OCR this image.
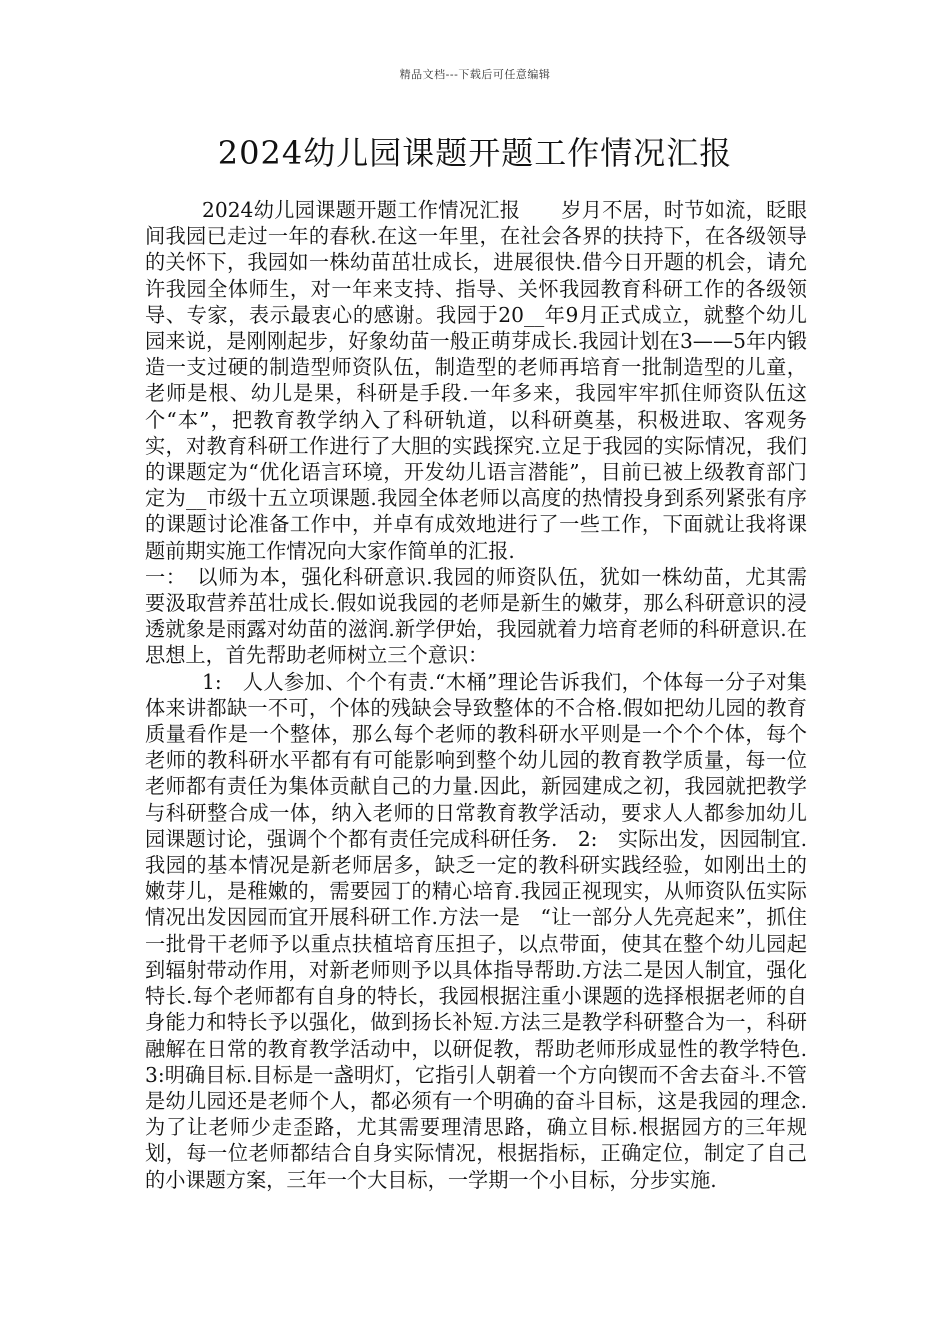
精品文档---下载后可任意编辑
2024幼儿园课题开题工作情况汇报

2024幼儿园课题开题工作情况汇报　　岁月不居，时节如流，眨眼间我园已走过一年的春秋.在这一年里，在社会各界的扶持下，在各级领导的关怀下，我园如一株幼苗茁壮成长，进展很快.借今日开题的机会，请允许我园全体师生，对一年来支持、指导、关怀我园教育科研工作的各级领导、专家，表示最衷心的感谢。我园于20__年9月正式成立，就整个幼儿园来说，是刚刚起步，好象幼苗一般正萌芽成长.我园计划在3——5年内锻造一支过硬的制造型师资队伍，制造型的老师再培育一批制造型的儿童，老师是根、幼儿是果，科研是手段.一年多来，我园牢牢抓住师资队伍这个“本”，把教育教学纳入了科研轨道，以科研奠基，积极进取、客观务实，对教育科研工作进行了大胆的实践探究.立足于我园的实际情况，我们的课题定为“优化语言环境，开发幼儿语言潜能”，目前已被上级教育部门定为__市级十五立项课题.我园全体老师以高度的热情投身到系列紧张有序的课题讨论准备工作中，并卓有成效地进行了一些工作，下面就让我将课题前期实施工作情况向大家作简单的汇报.

一：　以师为本，强化科研意识.我园的师资队伍，犹如一株幼苗，尤其需要汲取营养茁壮成长.假如说我园的老师是新生的嫩芽，那么科研意识的浸透就象是雨露对幼苗的滋润.新学伊始，我园就着力培育老师的科研意识.在思想上，首先帮助老师树立三个意识：

1:　人人参加、个个有责.“木桶”理论告诉我们，个体每一分子对集体来讲都缺一不可，个体的残缺会导致整体的不合格.假如把幼儿园的教育质量看作是一个整体，那么每个老师的教科研水平则是一个个个体，每个老师的教科研水平都有有可能影响到整个幼儿园的教育教学质量，每一位老师都有责任为集体贡献自己的力量.因此，新园建成之初，我园就把教学与科研整合成一体，纳入老师的日常教育教学活动，要求人人都参加幼儿园课题讨论，强调个个都有责任完成科研任务.　2:　实际出发，因园制宜.我园的基本情况是新老师居多，缺乏一定的教科研实践经验，如刚出土的嫩芽儿，是稚嫩的，需要园丁的精心培育.我园正视现实，从师资队伍实际情况出发因园而宜开展科研工作.方法一是　“让一部分人先亮起来”，抓住一批骨干老师予以重点扶植培育压担子，以点带面，使其在整个幼儿园起到辐射带动作用，对新老师则予以具体指导帮助.方法二是因人制宜，强化特长.每个老师都有自身的特长，我园根据注重小课题的选择根据老师的自身能力和特长予以强化，做到扬长补短.方法三是教学科研整合为一，科研融解在日常的教育教学活动中，以研促教，帮助老师形成显性的教学特色.　3:明确目标.目标是一盏明灯，它指引人朝着一个方向锲而不舍去奋斗.不管是幼儿园还是老师个人，都必须有一个明确的奋斗目标，这是我园的理念.为了让老师少走歪路，尤其需要理清思路，确立目标.根据园方的三年规划，每一位老师都结合自身实际情况，根据指标，正确定位，制定了自己的小课题方案，三年一个大目标，一学期一个小目标，分步实施.
